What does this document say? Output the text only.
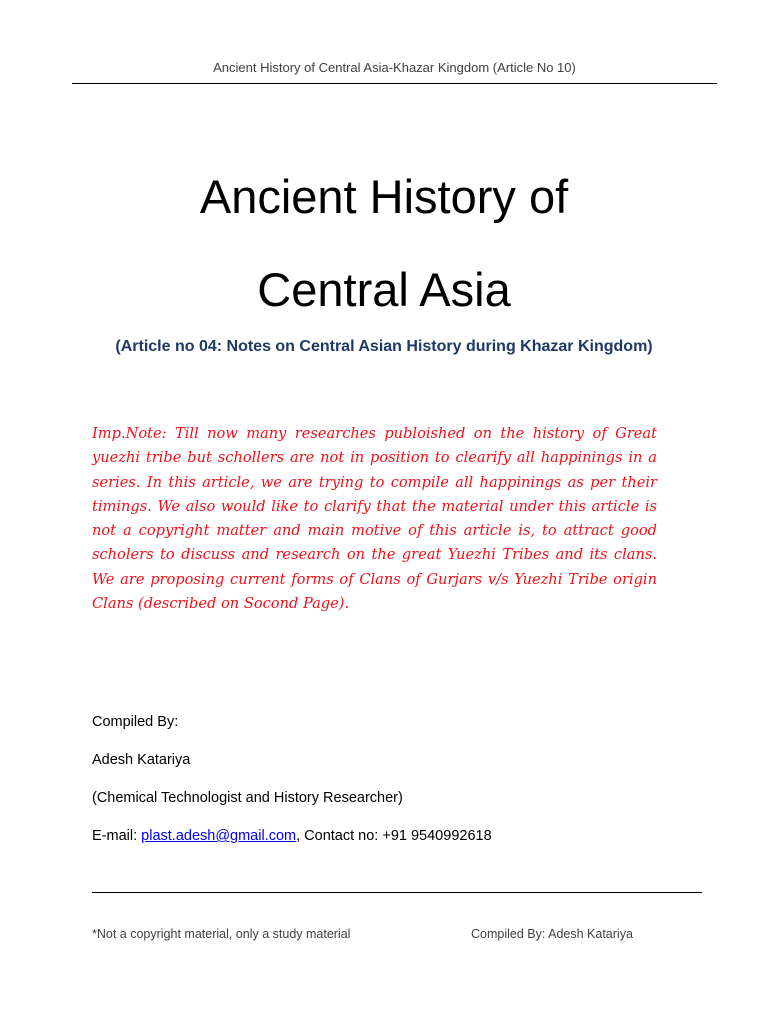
Ancient History of Central Asia-Khazar Kingdom (Article No 10)
Ancient History of
Central Asia
(Article no 04: Notes on Central Asian History during Khazar Kingdom)

Imp.Note: Till now many researches publoished on the history of Great yuezhi tribe but schollers are not in position to clearify all happinings in a series. In this article, we are trying to compile all happinings as per their timings. We also would like to clarify that the material under this article is not a copyright matter and main motive of this article is, to attract good scholers to discuss and research on the great Yuezhi Tribes and its clans. We are proposing current forms of Clans of Gurjars v/s Yuezhi Tribe origin Clans (described on Socond Page).

Compiled By:

Adesh Katariya

(Chemical Technologist and History Researcher)

E-mail: plast.adesh@gmail.com, Contact no: +91 9540992618

*Not a copyright material, only a study material	Compiled By: Adesh Katariya
